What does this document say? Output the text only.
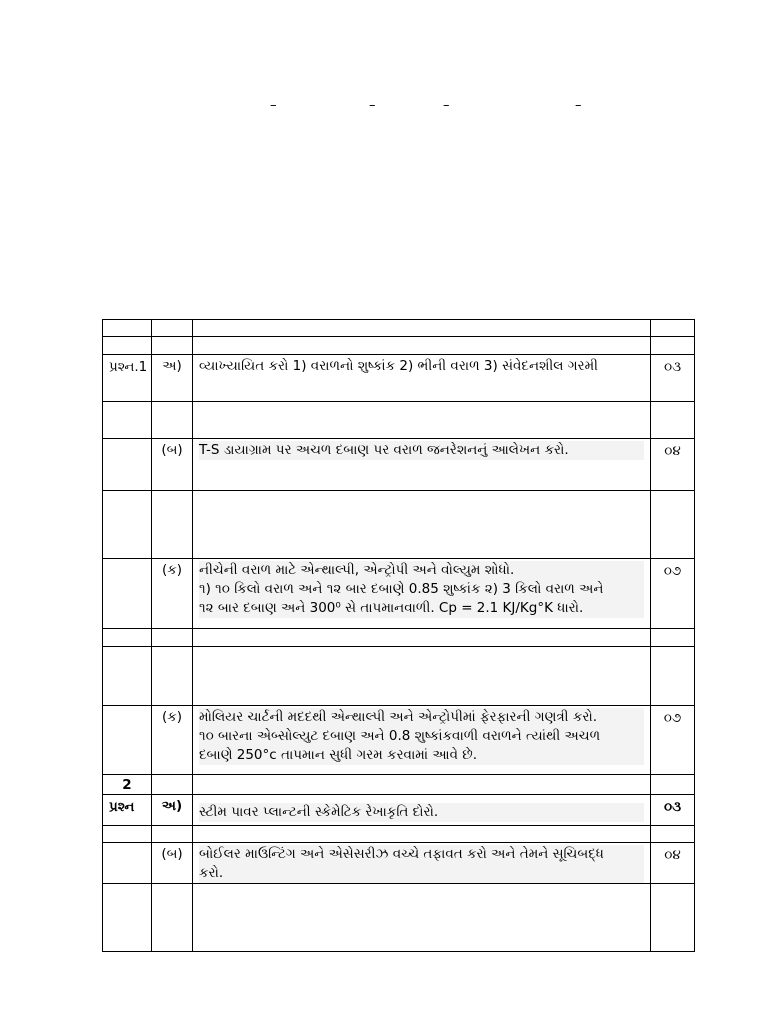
–	–	–	–

પ્રશ્ન.1	અ)	વ્યાખ્યાયિત કરો 1) વરાળનો શુષ્કાંક 2) ભીની વરાળ 3) સંવેદનશીલ ગરમી	૦૩

	(બ)	T-S ડાયાગ્રામ પર અચળ દબાણ પર વરાળ જનરેશનનું આલેખન કરો.	૦૪

	(ક)	નીચેની વરાળ માટે એન્થાલ્પી, એન્ટ્રોપી અને વોલ્યુમ શોધો.
૧) ૧૦ કિલો વરાળ અને ૧૨ બાર દબાણે 0.85 શુષ્કાંક ૨) 3 કિલો વરાળ અને
૧૨ બાર દબાણ અને 300⁰ સે તાપમાનવાળી. Cp = 2.1 KJ/Kg°K ધારો.	૦૭

	(ક)	મોલિયર ચાર્ટની મદદથી એન્થાલ્પી અને એન્ટ્રોપીમાં ફેરફારની ગણત્રી કરો.
૧૦ બારના એબ્સોલ્યુટ દબાણ અને 0.8 શુષ્કાંકવાળી વરાળને ત્યાંથી અચળ
દબાણે 250°c તાપમાન સુધી ગરમ કરવામાં આવે છે.	૦૭
2			
પ્રશ્ન	અ)	સ્ટીમ પાવર પ્લાન્ટની સ્કેમેટિક રેખાકૃતિ દોરો.	૦૩

	(બ)	બોઈલર માઉન્ટિંગ અને એસેસરીઝ વચ્ચે તફાવત કરો અને તેમને સૂચિબદ્ધ
કરો.	૦૪
